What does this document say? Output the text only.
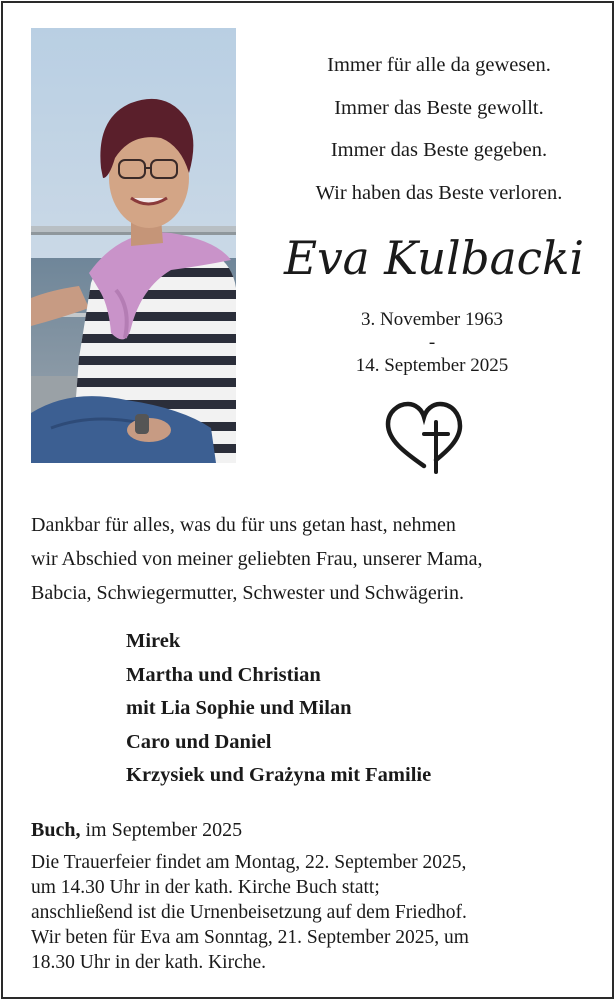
Immer für alle da gewesen.
Immer das Beste gewollt.
Immer das Beste gegeben.
Wir haben das Beste verloren.
Eva Kulbacki
3. November 1963
-
14. September 2025
Dankbar für alles, was du für uns getan hast, nehmen
wir Abschied von meiner geliebten Frau, unserer Mama,
Babcia, Schwiegermutter, Schwester und Schwägerin.
Mirek
Martha und Christian
mit Lia Sophie und Milan
Caro und Daniel
Krzysiek und Grażyna mit Familie
Buch, im September 2025
Die Trauerfeier findet am Montag, 22. September 2025,
um 14.30 Uhr in der kath. Kirche Buch statt;
anschließend ist die Urnenbeisetzung auf dem Friedhof.
Wir beten für Eva am Sonntag, 21. September 2025, um
18.30 Uhr in der kath. Kirche.
